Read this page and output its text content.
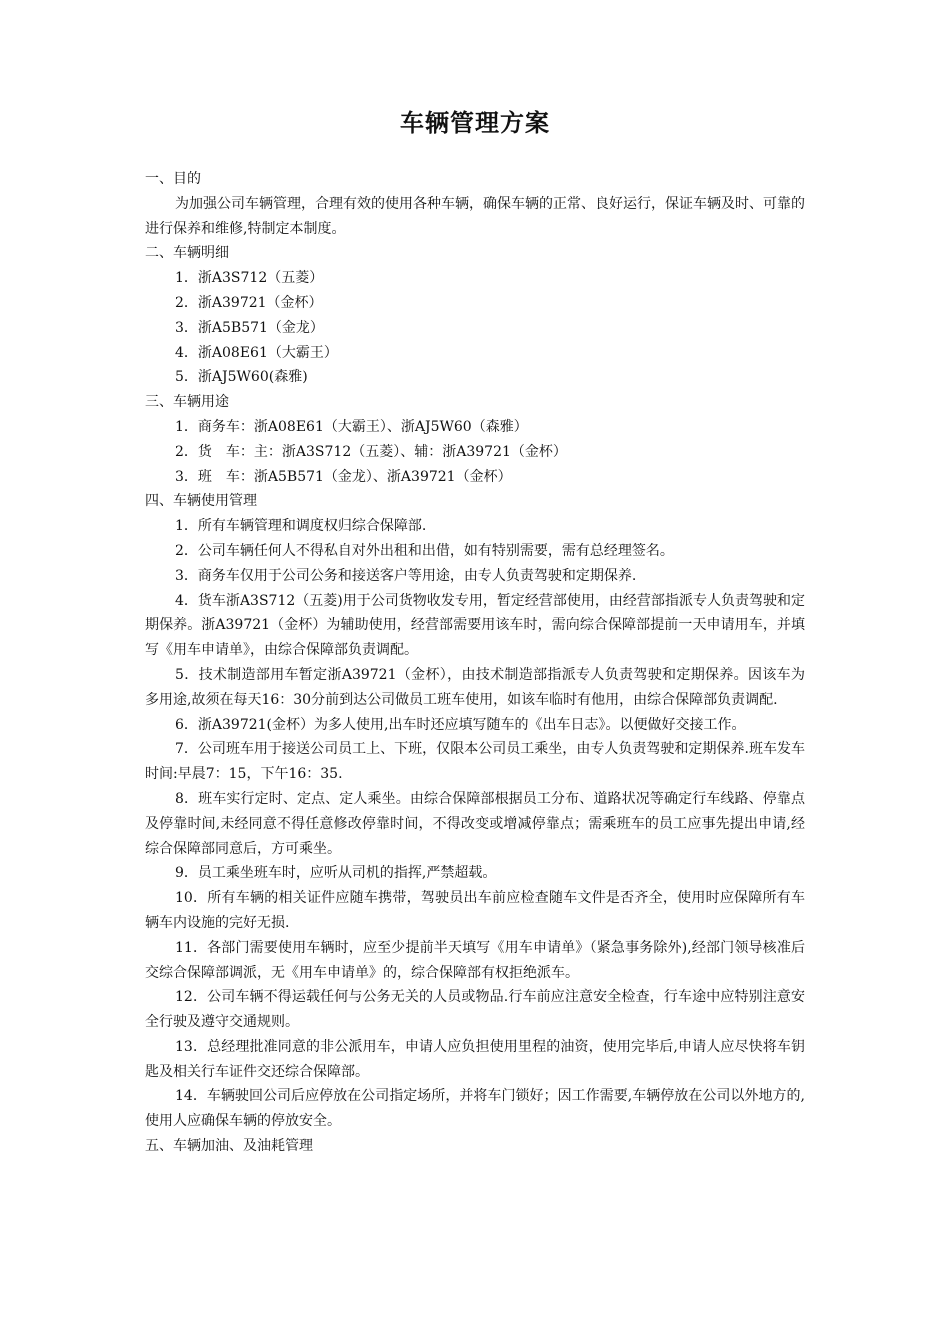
车辆管理方案
一、目的
为加强公司车辆管理，合理有效的使用各种车辆，确保车辆的正常、良好运行，保证车辆及时、可靠的进行保养和维修,特制定本制度。
二、车辆明细
1．浙A3S712（五菱）
2．浙A39721（金杯）
3．浙A5B571（金龙）
4．浙A08E61（大霸王）
5．浙AJ5W60(森雅)
三、车辆用途
1．商务车：浙A08E61（大霸王）、浙AJ5W60（森雅）
2．货　车：主：浙A3S712（五菱）、辅：浙A39721（金杯）
3．班　车：浙A5B571（金龙）、浙A39721（金杯）
四、车辆使用管理
1．所有车辆管理和调度权归综合保障部.
2．公司车辆任何人不得私自对外出租和出借，如有特别需要，需有总经理签名。
3．商务车仅用于公司公务和接送客户等用途，由专人负责驾驶和定期保养.
4．货车浙A3S712（五菱)用于公司货物收发专用，暂定经营部使用，由经营部指派专人负责驾驶和定期保养。浙A39721（金杯）为辅助使用，经营部需要用该车时，需向综合保障部提前一天申请用车，并填写《用车申请单》，由综合保障部负责调配。
5．技术制造部用车暂定浙A39721（金杯），由技术制造部指派专人负责驾驶和定期保养。因该车为多用途,故须在每天16：30分前到达公司做员工班车使用，如该车临时有他用，由综合保障部负责调配.
6．浙A39721(金杯）为多人使用,出车时还应填写随车的《出车日志》。以便做好交接工作。
7．公司班车用于接送公司员工上、下班，仅限本公司员工乘坐，由专人负责驾驶和定期保养.班车发车时间:早晨7：15，下午16：35.
8．班车实行定时、定点、定人乘坐。由综合保障部根据员工分布、道路状况等确定行车线路、停靠点及停靠时间,未经同意不得任意修改停靠时间，不得改变或增减停靠点；需乘班车的员工应事先提出申请,经综合保障部同意后，方可乘坐。
9．员工乘坐班车时，应听从司机的指挥,严禁超载。
10．所有车辆的相关证件应随车携带，驾驶员出车前应检查随车文件是否齐全，使用时应保障所有车辆车内设施的完好无损.
11．各部门需要使用车辆时，应至少提前半天填写《用车申请单》（紧急事务除外),经部门领导核准后交综合保障部调派，无《用车申请单》的，综合保障部有权拒绝派车。
12．公司车辆不得运载任何与公务无关的人员或物品.行车前应注意安全检查，行车途中应特别注意安全行驶及遵守交通规则。
13．总经理批准同意的非公派用车，申请人应负担使用里程的油资，使用完毕后,申请人应尽快将车钥匙及相关行车证件交还综合保障部。
14．车辆驶回公司后应停放在公司指定场所，并将车门锁好；因工作需要,车辆停放在公司以外地方的,使用人应确保车辆的停放安全。
五、车辆加油、及油耗管理
